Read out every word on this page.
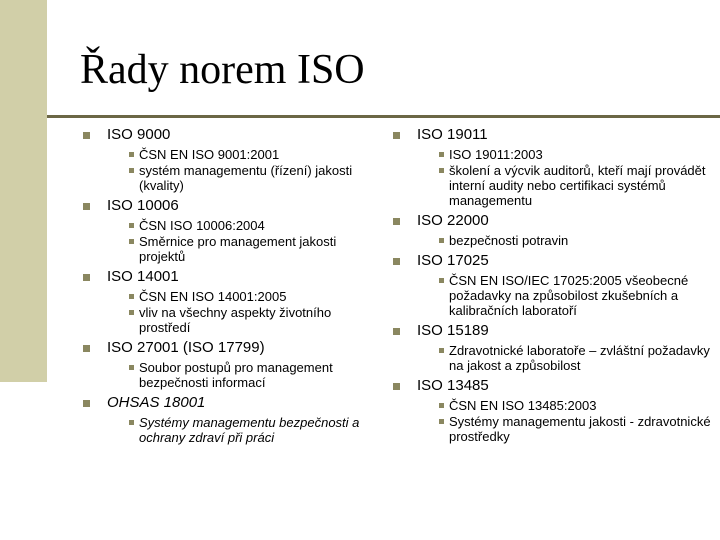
Řady norem ISO
ISO 9000
ČSN EN ISO 9001:2001
systém managementu (řízení) jakosti (kvality)
ISO 10006
ČSN ISO 10006:2004
Směrnice pro management jakosti projektů
ISO 14001
ČSN EN ISO 14001:2005
vliv na všechny aspekty životního prostředí
ISO 27001 (ISO 17799)
Soubor postupů pro management bezpečnosti informací
OHSAS 18001
Systémy managementu bezpečnosti a ochrany zdraví při práci
ISO 19011
ISO 19011:2003
školení a výcvik auditorů, kteří mají provádět interní audity nebo certifikaci systémů managementu
ISO 22000
bezpečnosti potravin
ISO 17025
ČSN EN ISO/IEC 17025:2005 všeobecné požadavky na způsobilost zkušebních a kalibračních laboratoří
ISO 15189
Zdravotnické laboratoře – zvláštní požadavky na jakost a způsobilost
ISO 13485
ČSN EN ISO 13485:2003
Systémy managementu jakosti - zdravotnické prostředky
